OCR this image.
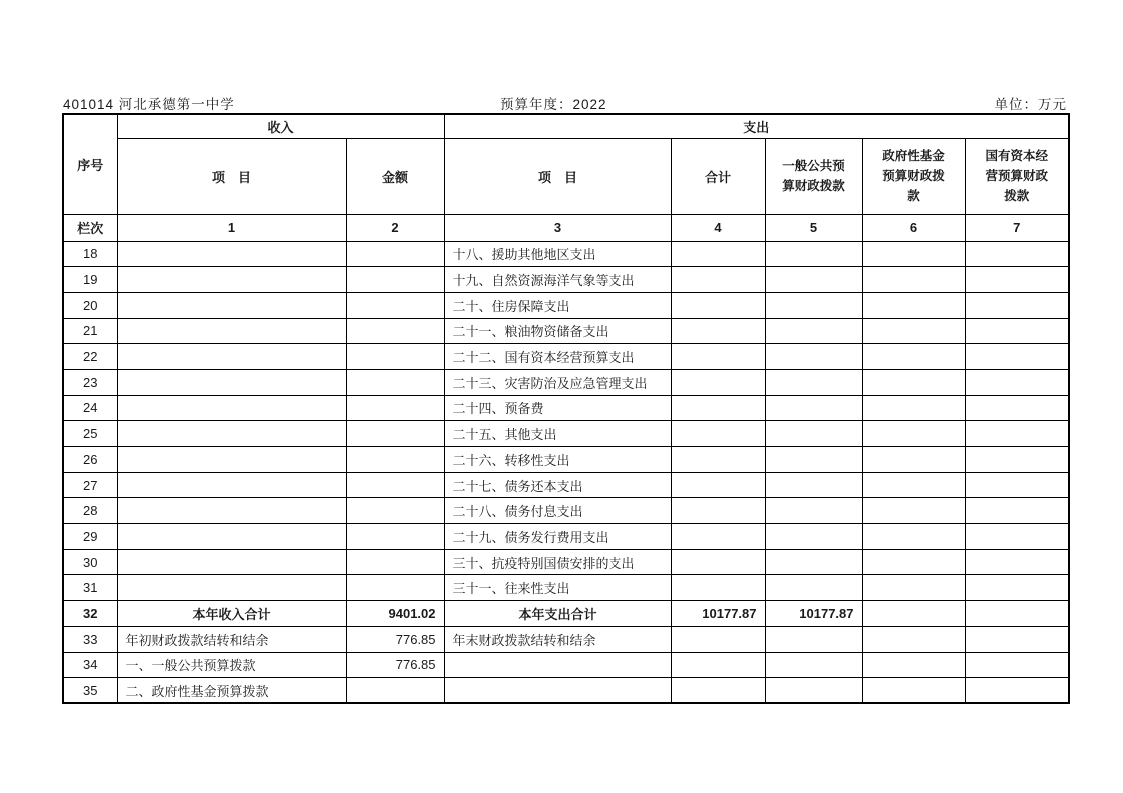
401014 河北承德第一中学	预算年度：2022	单位：万元
序号	收入		支出				
	项　目	金额	项　目	合计	一般公共预算财政拨款	政府性基金预算财政拨款	国有资本经营预算财政拨款
栏次	1	2	3	4	5	6	7
18			十八、援助其他地区支出				
19			十九、自然资源海洋气象等支出				
20			二十、住房保障支出				
21			二十一、粮油物资储备支出				
22			二十二、国有资本经营预算支出				
23			二十三、灾害防治及应急管理支出				
24			二十四、预备费				
25			二十五、其他支出				
26			二十六、转移性支出				
27			二十七、债务还本支出				
28			二十八、债务付息支出				
29			二十九、债务发行费用支出				
30			三十、抗疫特别国债安排的支出				
31			三十一、往来性支出				
32	本年收入合计	9401.02	本年支出合计	10177.87	10177.87		
33	年初财政拨款结转和结余	776.85	年末财政拨款结转和结余				
34	一、一般公共预算拨款	776.85					
35	二、政府性基金预算拨款						
